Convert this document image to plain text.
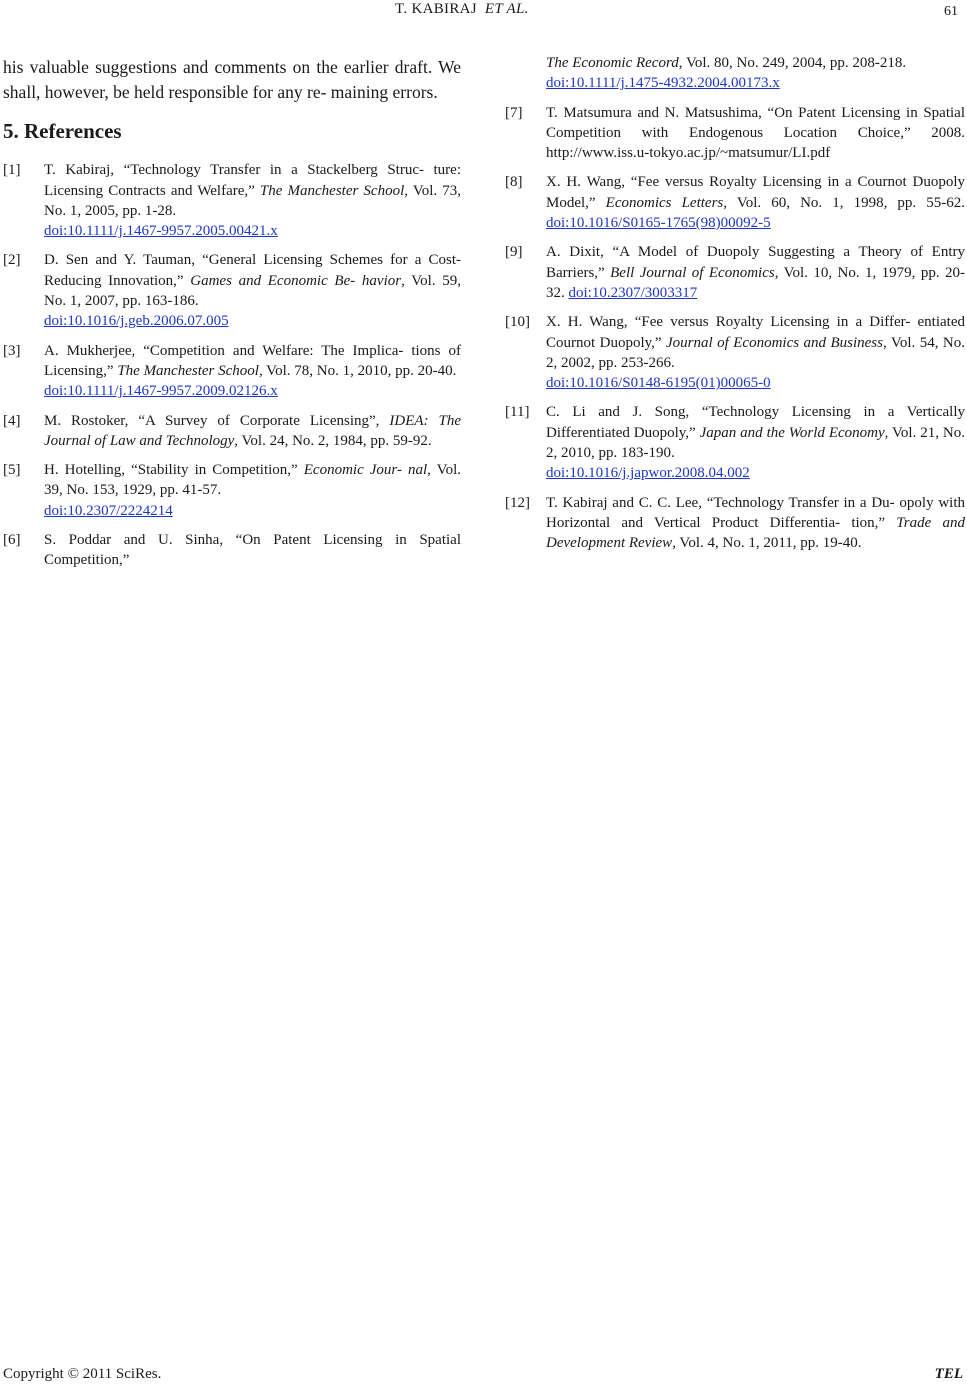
T. KABIRAJ ET AL.	61

his valuable suggestions and comments on the earlier draft. We shall, however, be held responsible for any re- maining errors.

5. References
[1] T. Kabiraj, “Technology Transfer in a Stackelberg Struc- ture: Licensing Contracts and Welfare,” The Manchester School, Vol. 73, No. 1, 2005, pp. 1-28.
doi:10.1111/j.1467-9957.2005.00421.x
[2] D. Sen and Y. Tauman, “General Licensing Schemes for a Cost-Reducing Innovation,” Games and Economic Be- havior, Vol. 59, No. 1, 2007, pp. 163-186.
doi:10.1016/j.geb.2006.07.005
[3] A. Mukherjee, “Competition and Welfare: The Implica- tions of Licensing,” The Manchester School, Vol. 78, No. 1, 2010, pp. 20-40.
doi:10.1111/j.1467-9957.2009.02126.x
[4] M. Rostoker, “A Survey of Corporate Licensing”, IDEA: The Journal of Law and Technology, Vol. 24, No. 2, 1984, pp. 59-92.
[5] H. Hotelling, “Stability in Competition,” Economic Jour- nal, Vol. 39, No. 153, 1929, pp. 41-57.
doi:10.2307/2224214
[6] S. Poddar and U. Sinha, “On Patent Licensing in Spatial Competition,”
The Economic Record, Vol. 80, No. 249, 2004, pp. 208-218.
doi:10.1111/j.1475-4932.2004.00173.x
[7] T. Matsumura and N. Matsushima, “On Patent Licensing in Spatial Competition with Endogenous Location Choice,” 2008. http://www.iss.u-tokyo.ac.jp/~matsumur/LI.pdf
[8] X. H. Wang, “Fee versus Royalty Licensing in a Cournot Duopoly Model,” Economics Letters, Vol. 60, No. 1, 1998, pp. 55-62. doi:10.1016/S0165-1765(98)00092-5
[9] A. Dixit, “A Model of Duopoly Suggesting a Theory of Entry Barriers,” Bell Journal of Economics, Vol. 10, No. 1, 1979, pp. 20-32. doi:10.2307/3003317
[10] X. H. Wang, “Fee versus Royalty Licensing in a Differ- entiated Cournot Duopoly,” Journal of Economics and Business, Vol. 54, No. 2, 2002, pp. 253-266.
doi:10.1016/S0148-6195(01)00065-0
[11] C. Li and J. Song, “Technology Licensing in a Vertically Differentiated Duopoly,” Japan and the World Economy, Vol. 21, No. 2, 2010, pp. 183-190.
doi:10.1016/j.japwor.2008.04.002
[12] T. Kabiraj and C. C. Lee, “Technology Transfer in a Du- opoly with Horizontal and Vertical Product Differentia- tion,” Trade and Development Review, Vol. 4, No. 1, 2011, pp. 19-40.
Copyright © 2011 SciRes.	TEL
